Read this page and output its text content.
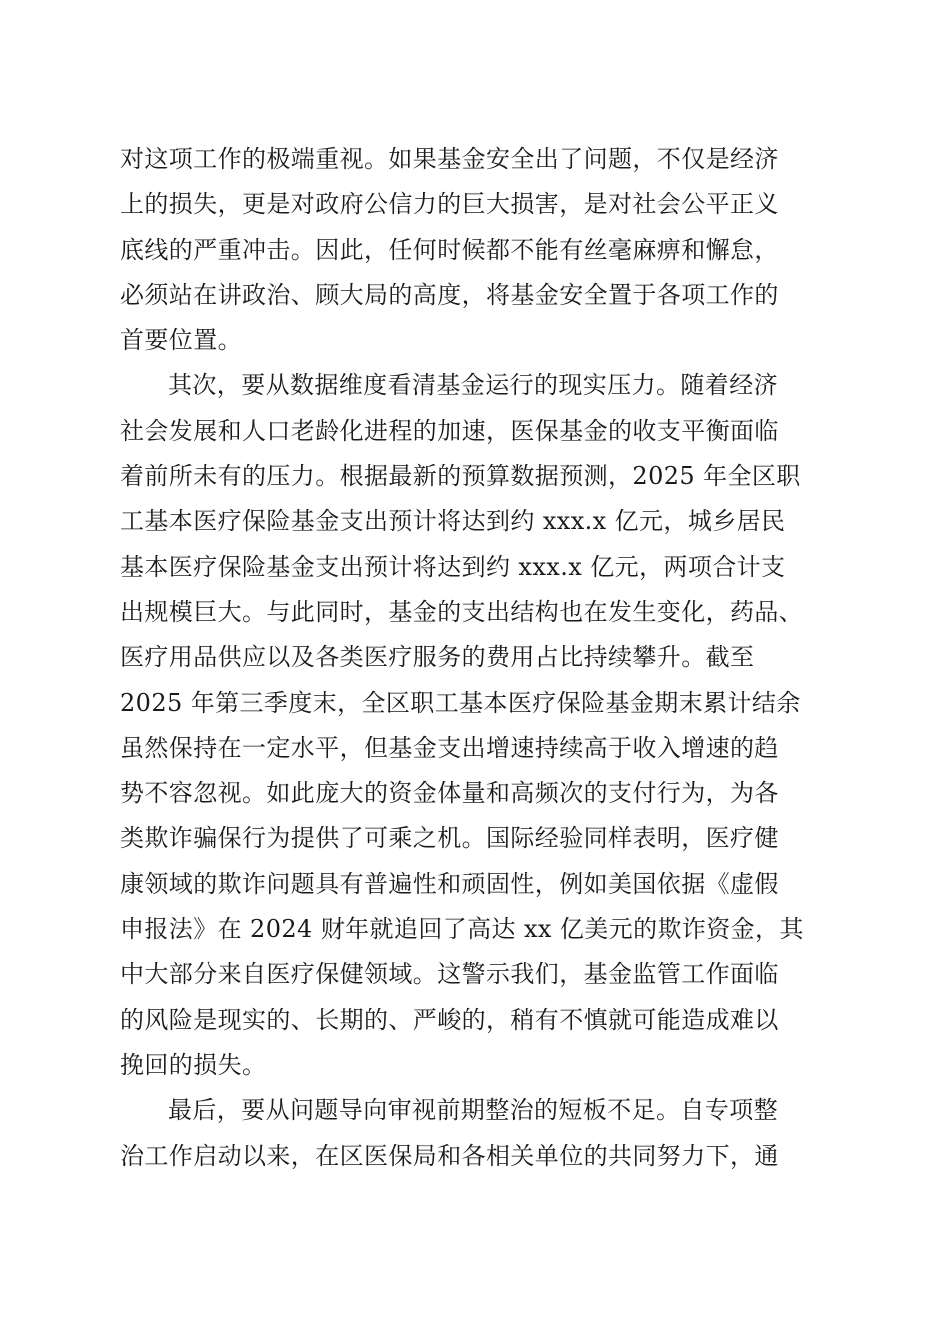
对这项工作的极端重视。如果基金安全出了问题，不仅是经济
上的损失，更是对政府公信力的巨大损害，是对社会公平正义
底线的严重冲击。因此，任何时候都不能有丝毫麻痹和懈怠，
必须站在讲政治、顾大局的高度，将基金安全置于各项工作的
首要位置。
其次，要从数据维度看清基金运行的现实压力。随着经济
社会发展和人口老龄化进程的加速，医保基金的收支平衡面临
着前所未有的压力。根据最新的预算数据预测，2025 年全区职
工基本医疗保险基金支出预计将达到约 xxx.x 亿元，城乡居民
基本医疗保险基金支出预计将达到约 xxx.x 亿元，两项合计支
出规模巨大。与此同时，基金的支出结构也在发生变化，药品、
医疗用品供应以及各类医疗服务的费用占比持续攀升。截至
2025 年第三季度末，全区职工基本医疗保险基金期末累计结余
虽然保持在一定水平，但基金支出增速持续高于收入增速的趋
势不容忽视。如此庞大的资金体量和高频次的支付行为，为各
类欺诈骗保行为提供了可乘之机。国际经验同样表明，医疗健
康领域的欺诈问题具有普遍性和顽固性，例如美国依据《虚假
申报法》在 2024 财年就追回了高达 xx 亿美元的欺诈资金，其
中大部分来自医疗保健领域。这警示我们，基金监管工作面临
的风险是现实的、长期的、严峻的，稍有不慎就可能造成难以
挽回的损失。
最后，要从问题导向审视前期整治的短板不足。自专项整
治工作启动以来，在区医保局和各相关单位的共同努力下，通
